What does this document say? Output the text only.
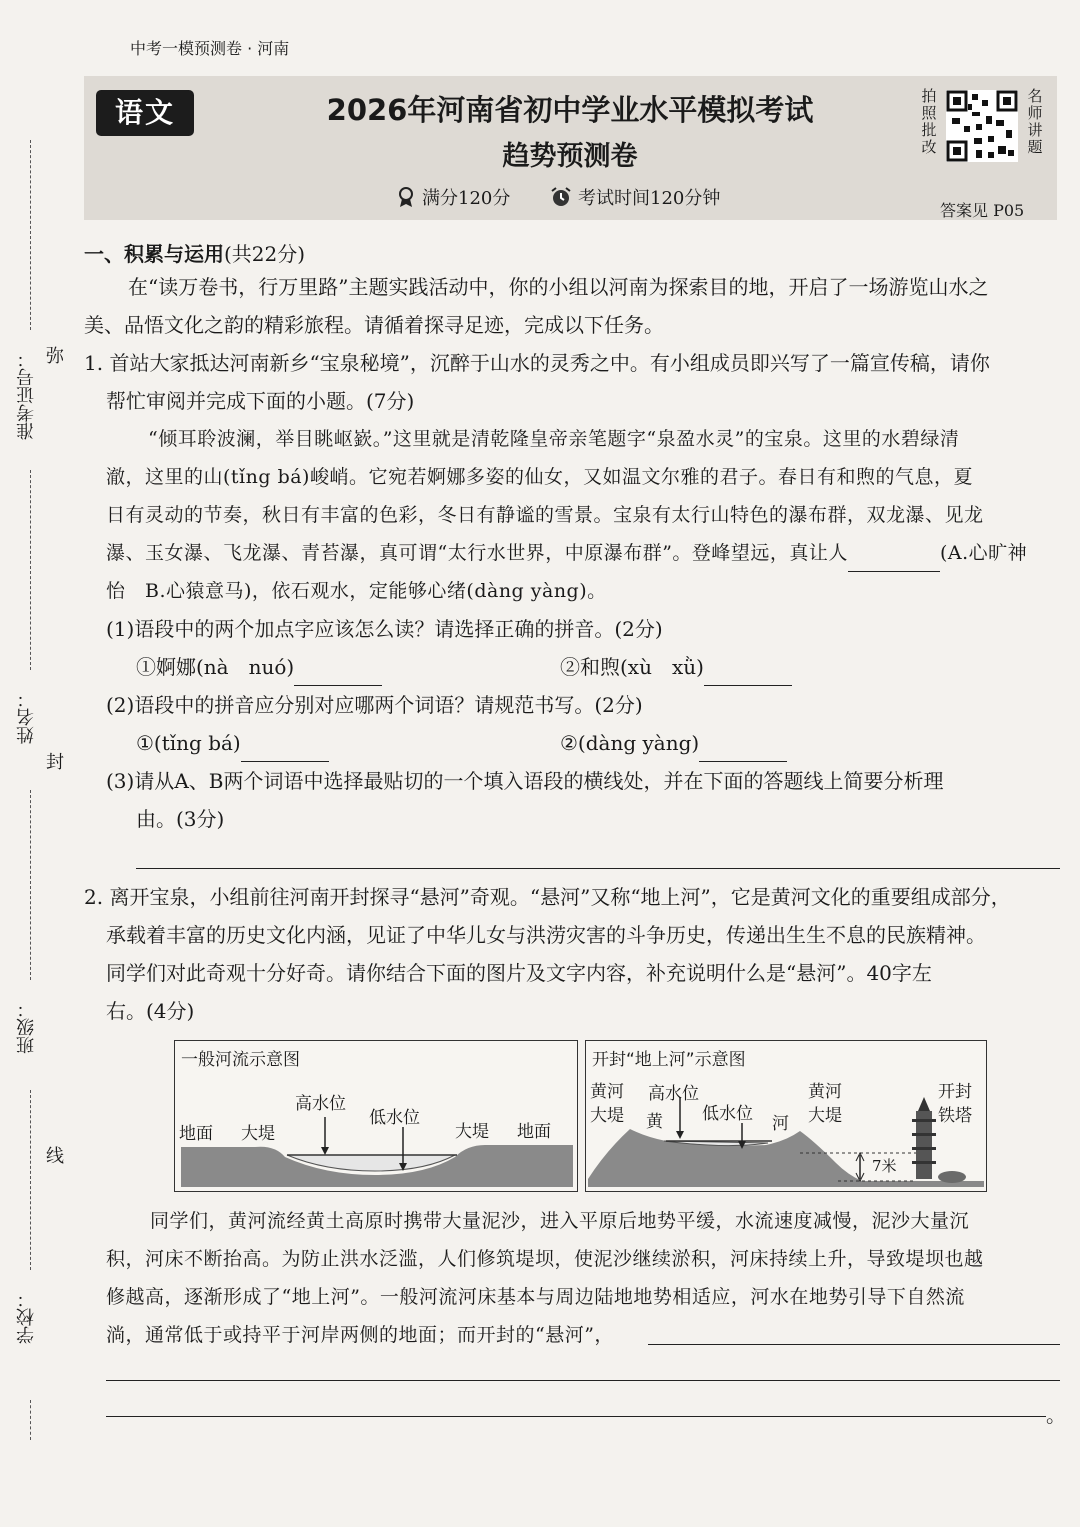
中考一模预测卷 · 河南
语文	2026年河南省初中学业水平模拟考试
趋势预测卷
满分120分	考试时间120分钟
拍
照
批
改
名
师
讲
题
答案见 P05
准考证号：
姓名：
班级：
学校：
弥
封
线
一、积累与运用(共22分)
在“读万卷书，行万里路”主题实践活动中，你的小组以河南为探索目的地，开启了一场游览山水之
美、品悟文化之韵的精彩旅程。请循着探寻足迹，完成以下任务。
1. 首站大家抵达河南新乡“宝泉秘境”，沉醉于山水的灵秀之中。有小组成员即兴写了一篇宣传稿，请你
帮忙审阅并完成下面的小题。(7分)
“倾耳聆波澜，举目眺岖嶔。”这里就是清乾隆皇帝亲笔题字“泉盈水灵”的宝泉。这里的水碧绿清
澈，这里的山(tǐng bá)峻峭。它宛若婀娜多姿的仙女，又如温文尔雅的君子。春日有和煦的气息，夏
日有灵动的节奏，秋日有丰富的色彩，冬日有静谧的雪景。宝泉有太行山特色的瀑布群，双龙瀑、见龙
瀑、玉女瀑、飞龙瀑、青苔瀑，真可谓“太行水世界，中原瀑布群”。登峰望远，真让人	(A.心旷神
怡　B.心猿意马)，依石观水，定能够心绪(dàng yàng)。
(1)语段中的两个加点字应该怎么读？请选择正确的拼音。(2分)
①婀娜(nà　nuó)	②和煦(xù　xǜ)
(2)语段中的拼音应分别对应哪两个词语？请规范书写。(2分)
①(tǐng bá)	②(dàng yàng)
(3)请从A、B两个词语中选择最贴切的一个填入语段的横线处，并在下面的答题线上简要分析理
由。(3分)
2. 离开宝泉，小组前往河南开封探寻“悬河”奇观。“悬河”又称“地上河”，它是黄河文化的重要组成部分，
承载着丰富的历史文化内涵，见证了中华儿女与洪涝灾害的斗争历史，传递出生生不息的民族精神。
同学们对此奇观十分好奇。请你结合下面的图片及文字内容，补充说明什么是“悬河”。40字左
右。(4分)
一般河流示意图
高水位
低水位
地面 大堤	大堤 地面
开封“地上河”示意图
黄河
大堤
高水位
黄 低水位 河
黄河
大堤
开封
铁塔
7米
同学们，黄河流经黄土高原时携带大量泥沙，进入平原后地势平缓，水流速度减慢，泥沙大量沉
积，河床不断抬高。为防止洪水泛滥，人们修筑堤坝，使泥沙继续淤积，河床持续上升，导致堤坝也越
修越高，逐渐形成了“地上河”。一般河流河床基本与周边陆地地势相适应，河水在地势引导下自然流
淌，通常低于或持平于河岸两侧的地面；而开封的“悬河”，
。
